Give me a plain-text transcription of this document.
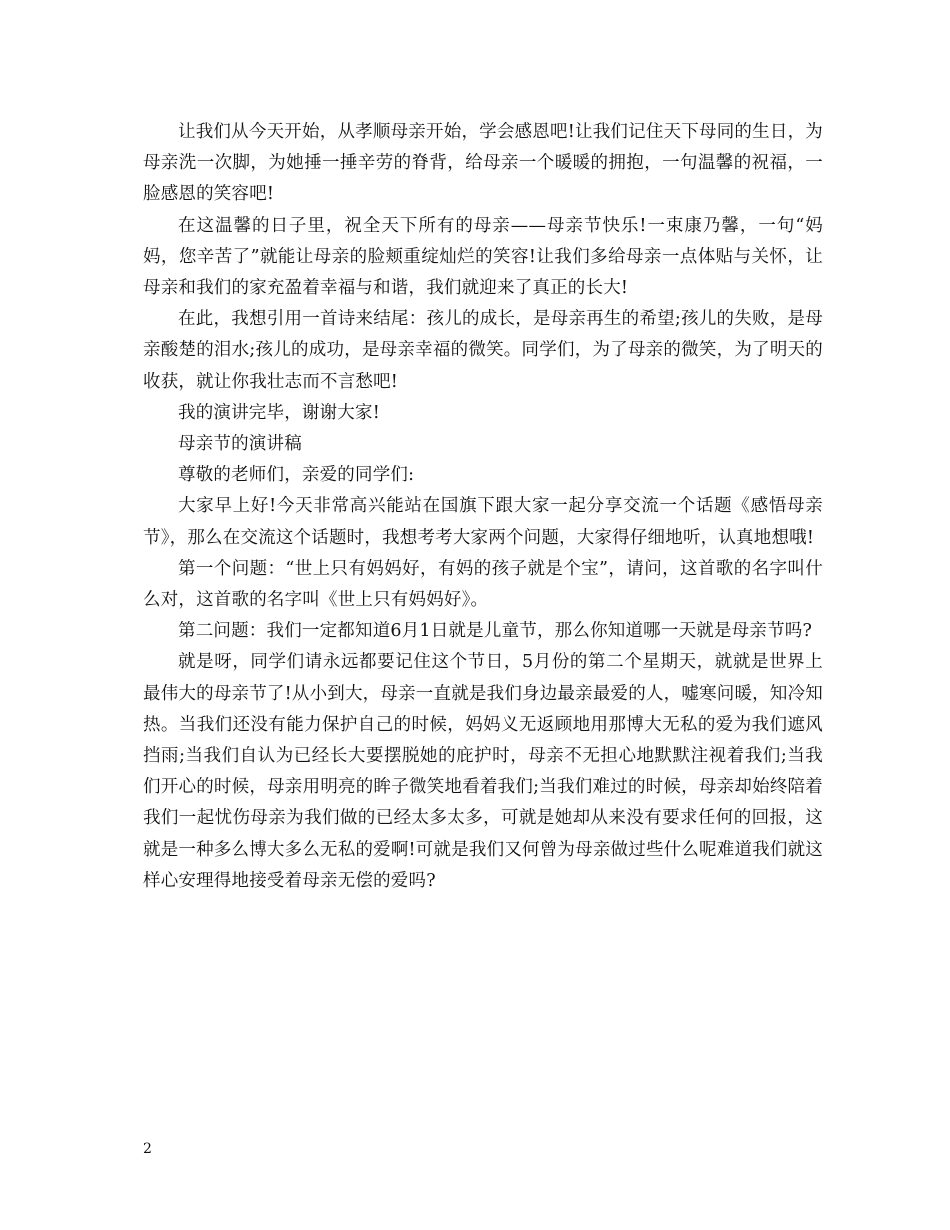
让我们从今天开始，从孝顺母亲开始，学会感恩吧!让我们记住天下母同的生日，为母亲洗一次脚，为她捶一捶辛劳的脊背，给母亲一个暖暖的拥抱，一句温馨的祝福，一脸感恩的笑容吧!

在这温馨的日子里，祝全天下所有的母亲——母亲节快乐!一束康乃馨，一句“妈妈，您辛苦了”就能让母亲的脸颊重绽灿烂的笑容!让我们多给母亲一点体贴与关怀，让母亲和我们的家充盈着幸福与和谐，我们就迎来了真正的长大!

在此，我想引用一首诗来结尾：孩儿的成长，是母亲再生的希望;孩儿的失败，是母亲酸楚的泪水;孩儿的成功，是母亲幸福的微笑。同学们，为了母亲的微笑，为了明天的收获，就让你我壮志而不言愁吧!

我的演讲完毕，谢谢大家!

母亲节的演讲稿

尊敬的老师们，亲爱的同学们:

大家早上好!今天非常高兴能站在国旗下跟大家一起分享交流一个话题《感悟母亲节》，那么在交流这个话题时，我想考考大家两个问题，大家得仔细地听，认真地想哦!

第一个问题：“世上只有妈妈好，有妈的孩子就是个宝”，请问，这首歌的名字叫什么对，这首歌的名字叫《世上只有妈妈好》。

第二问题：我们一定都知道6月1日就是儿童节，那么你知道哪一天就是母亲节吗?

就是呀，同学们请永远都要记住这个节日，5月份的第二个星期天，就就是世界上最伟大的母亲节了!从小到大，母亲一直就是我们身边最亲最爱的人，嘘寒问暖，知冷知热。当我们还没有能力保护自己的时候，妈妈义无返顾地用那博大无私的爱为我们遮风挡雨;当我们自认为已经长大要摆脱她的庇护时，母亲不无担心地默默注视着我们;当我们开心的时候，母亲用明亮的眸子微笑地看着我们;当我们难过的时候，母亲却始终陪着我们一起忧伤母亲为我们做的已经太多太多，可就是她却从来没有要求任何的回报，这就是一种多么博大多么无私的爱啊!可就是我们又何曾为母亲做过些什么呢难道我们就这样心安理得地接受着母亲无偿的爱吗?

2
